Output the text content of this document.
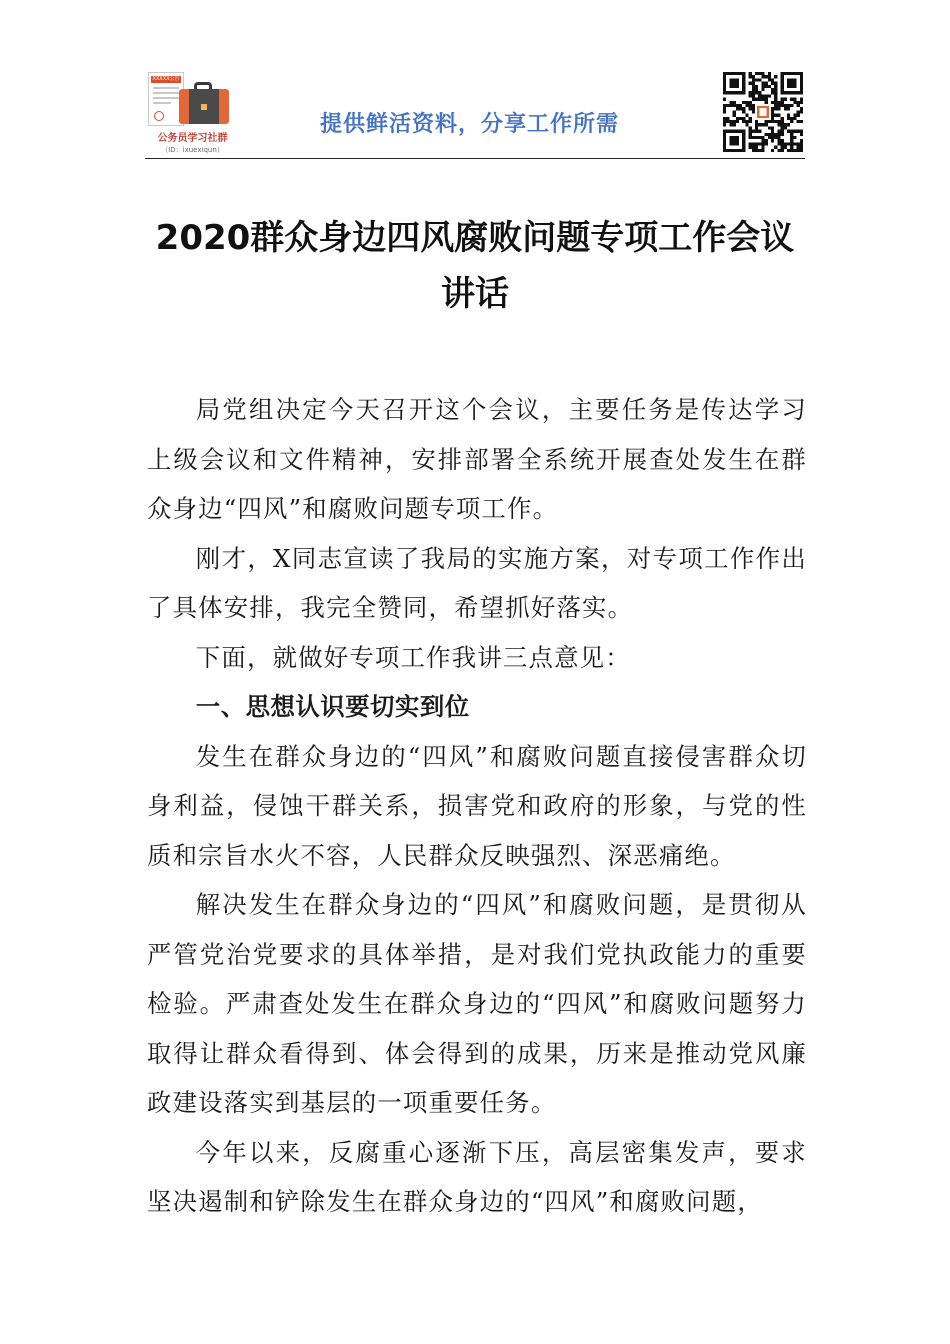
XXXXX公告
公务员学习社群
（ID：ixuexiqun）
提供鲜活资料，分享工作所需
2020群众身边四风腐败问题专项工作会议
讲话

局党组决定今天召开这个会议，主要任务是传达学习上级会议和文件精神，安排部署全系统开展查处发生在群众身边“四风”和腐败问题专项工作。

刚才，X同志宣读了我局的实施方案，对专项工作作出了具体安排，我完全赞同，希望抓好落实。

下面，就做好专项工作我讲三点意见：

一、思想认识要切实到位

发生在群众身边的“四风”和腐败问题直接侵害群众切身利益，侵蚀干群关系，损害党和政府的形象，与党的性质和宗旨水火不容，人民群众反映强烈、深恶痛绝。

解决发生在群众身边的“四风”和腐败问题，是贯彻从严管党治党要求的具体举措，是对我们党执政能力的重要检验。严肃查处发生在群众身边的“四风”和腐败问题努力取得让群众看得到、体会得到的成果，历来是推动党风廉政建设落实到基层的一项重要任务。

今年以来，反腐重心逐渐下压，高层密集发声，要求坚决遏制和铲除发生在群众身边的“四风”和腐败问题，
